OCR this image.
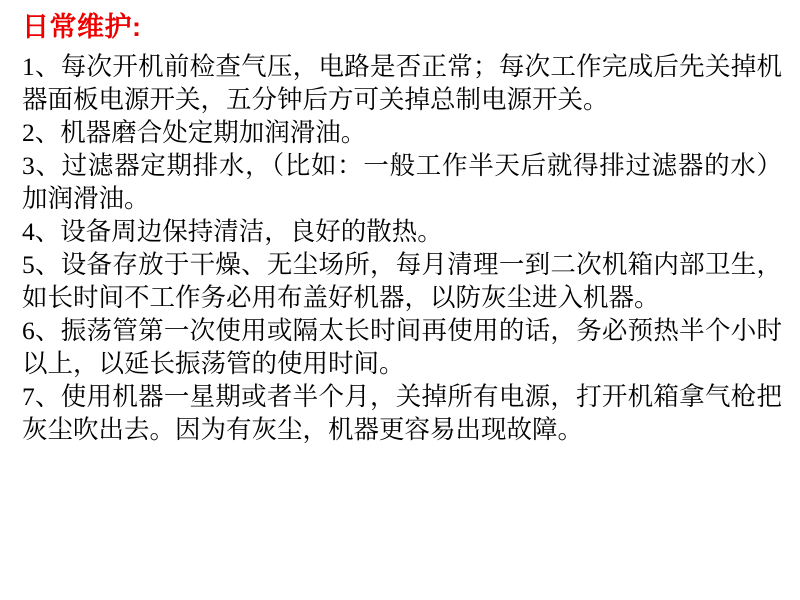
日常维护:

1、每次开机前检查气压，电路是否正常；每次工作完成后先关掉机器面板电源开关，五分钟后方可关掉总制电源开关。

2、机器磨合处定期加润滑油。

3、过滤器定期排水，（比如：一般工作半天后就得排过滤器的水）加润滑油。

4、设备周边保持清洁，良好的散热。

5、设备存放于干燥、无尘场所，每月清理一到二次机箱内部卫生，如长时间不工作务必用布盖好机器，以防灰尘进入机器。

6、振荡管第一次使用或隔太长时间再使用的话，务必预热半个小时以上，以延长振荡管的使用时间。

7、使用机器一星期或者半个月，关掉所有电源，打开机箱拿气枪把灰尘吹出去。因为有灰尘，机器更容易出现故障。
